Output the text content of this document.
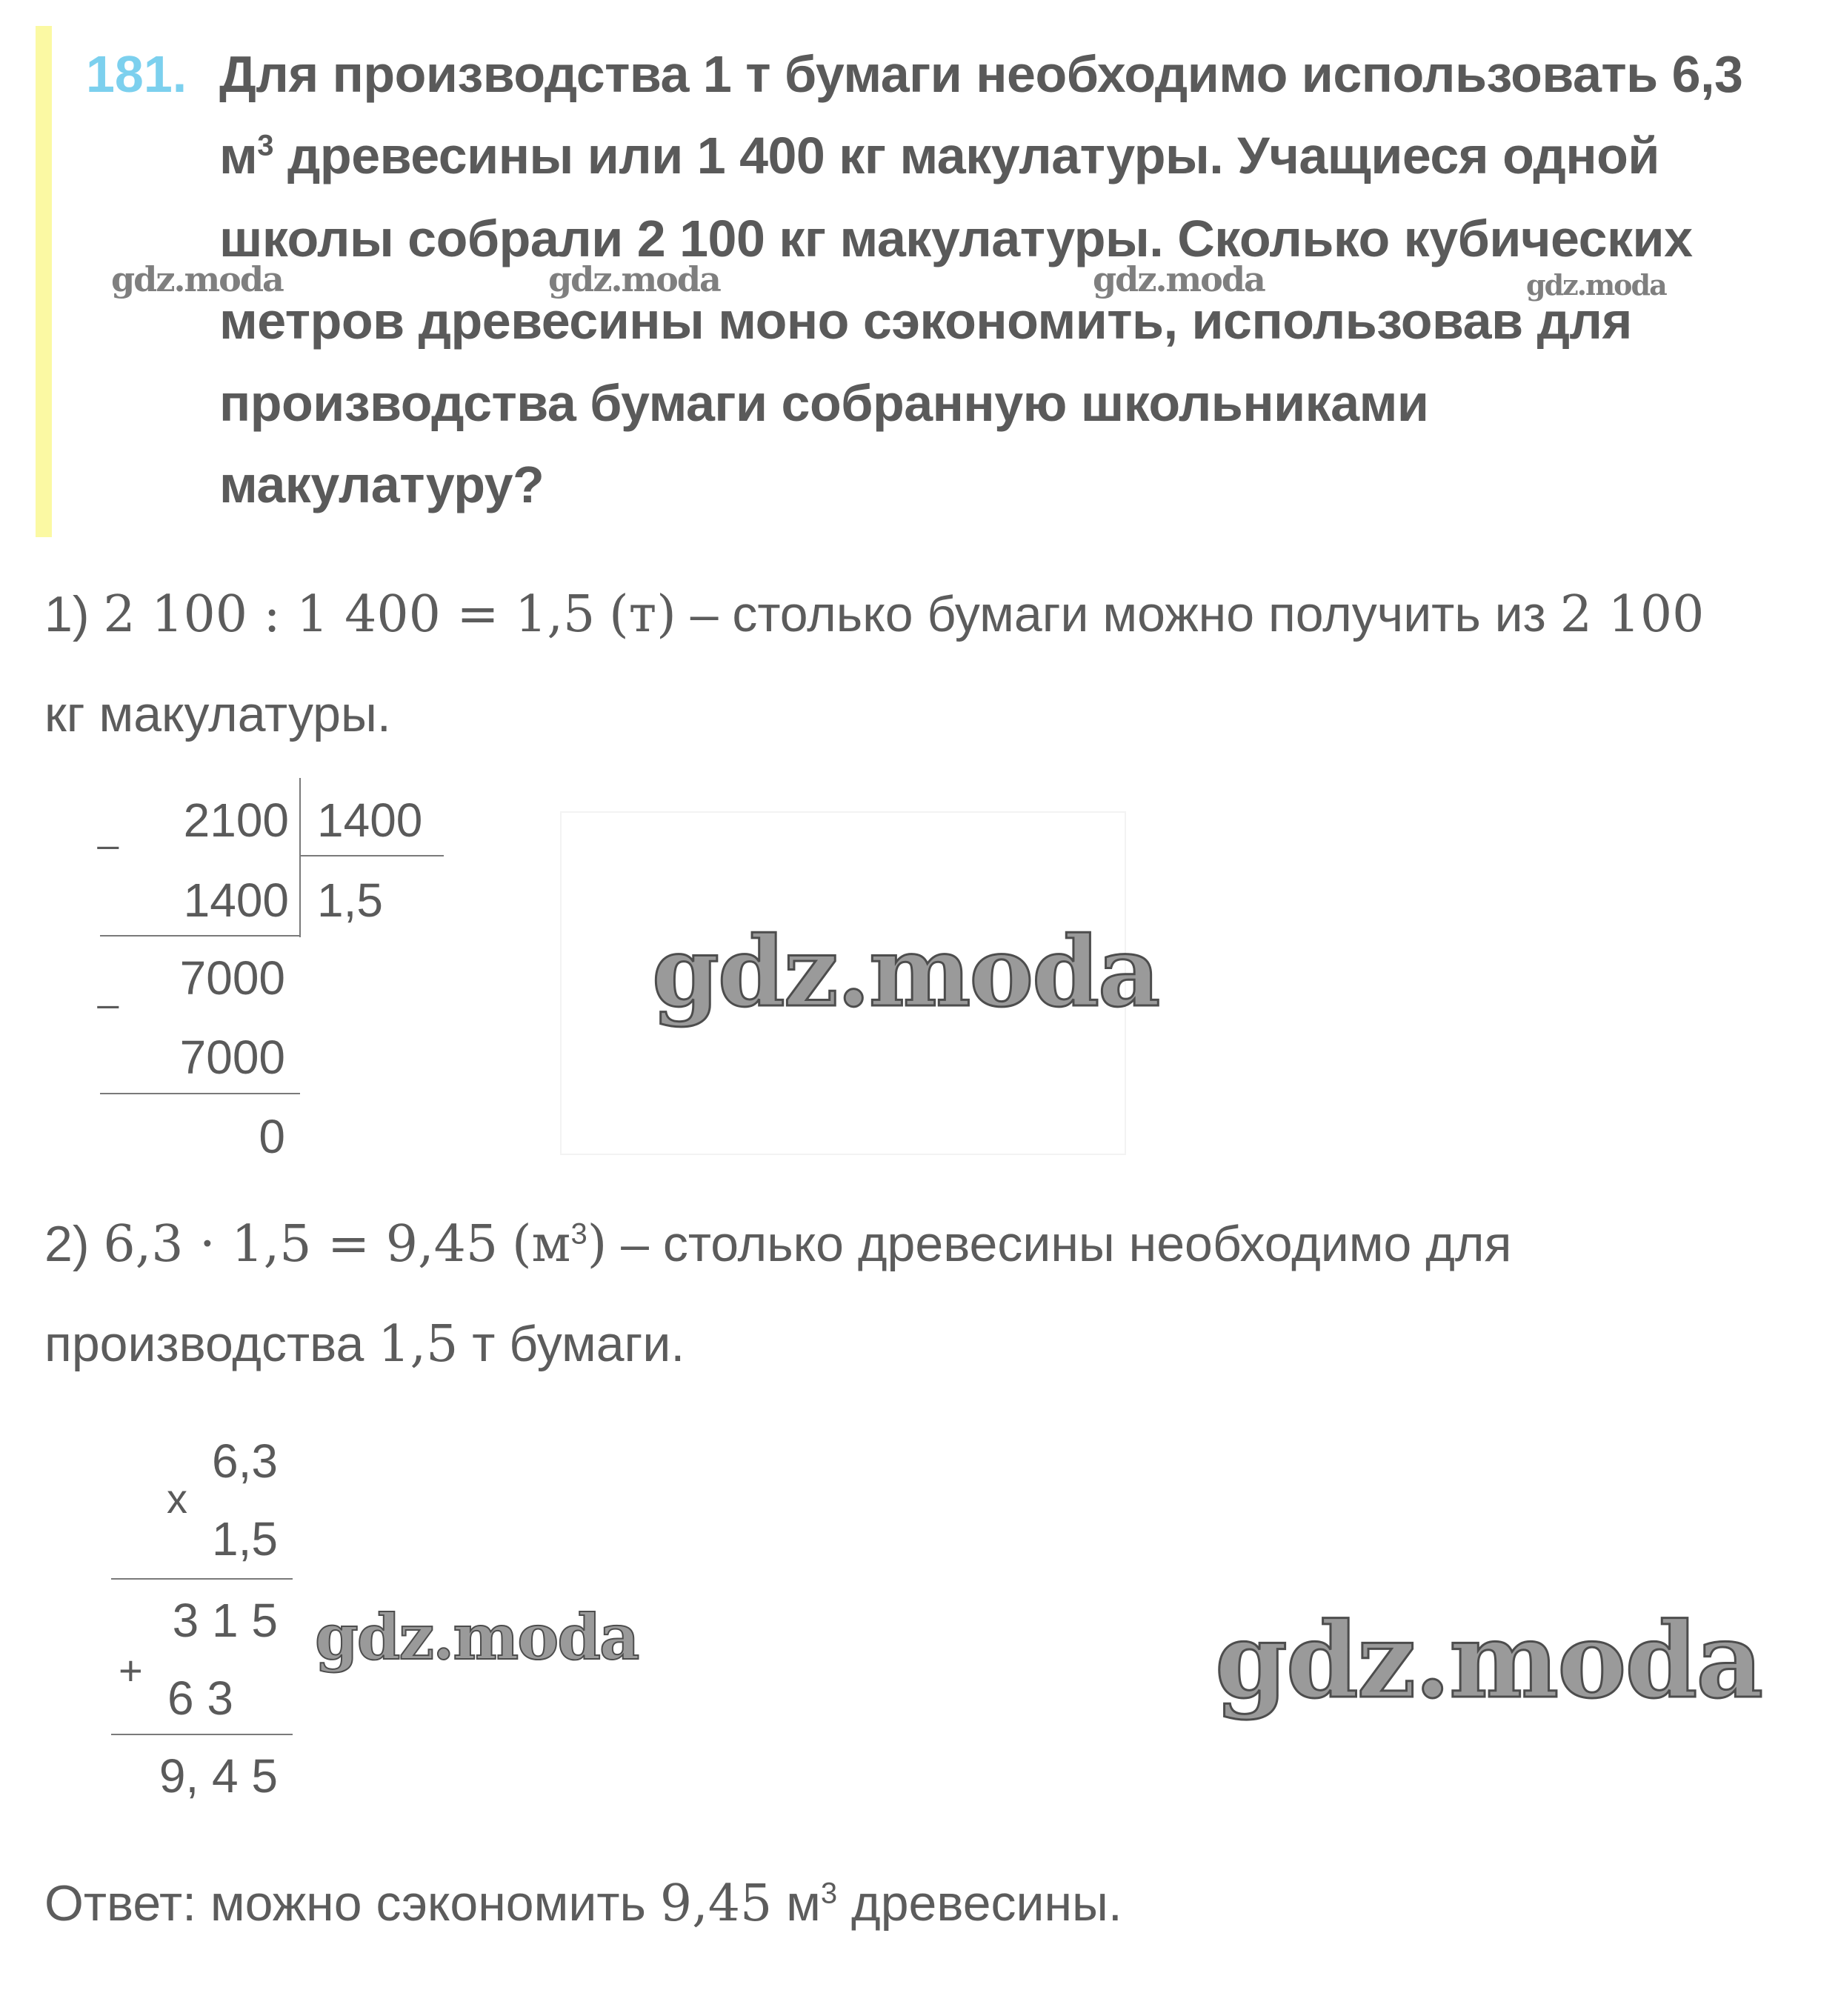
181. Для производства 1 т бумаги необходимо использовать 6,3
$м^3$ древесины или 1 400 кг макулатуры. Учащиеся одной
школы собрали 2 100 кг макулатуры. Сколько кубических
метров древесины моно сэкономить, использовав для
производства бумаги собранную школьниками
макулатуру?
gdz.moda	gdz.moda	gdz.moda	gdz.moda
1) 2 100 : 1 400 = 1,5 (т) – столько бумаги можно получить из 2 100
кг макулатуры.
_	2100 1400
1400 1,5
_	7000
7000
0
gdz.moda
2) 6,3 · 1,5 = 9,45 $(м^3)$ – столько древесины необходимо для
производства 1,5 т бумаги.
x
6,3
1,5
+
3 1 5
6 3
9, 4 5
gdz.moda	gdz.moda
Ответ: можно сэкономить 9,45 $м^3$ древесины.
